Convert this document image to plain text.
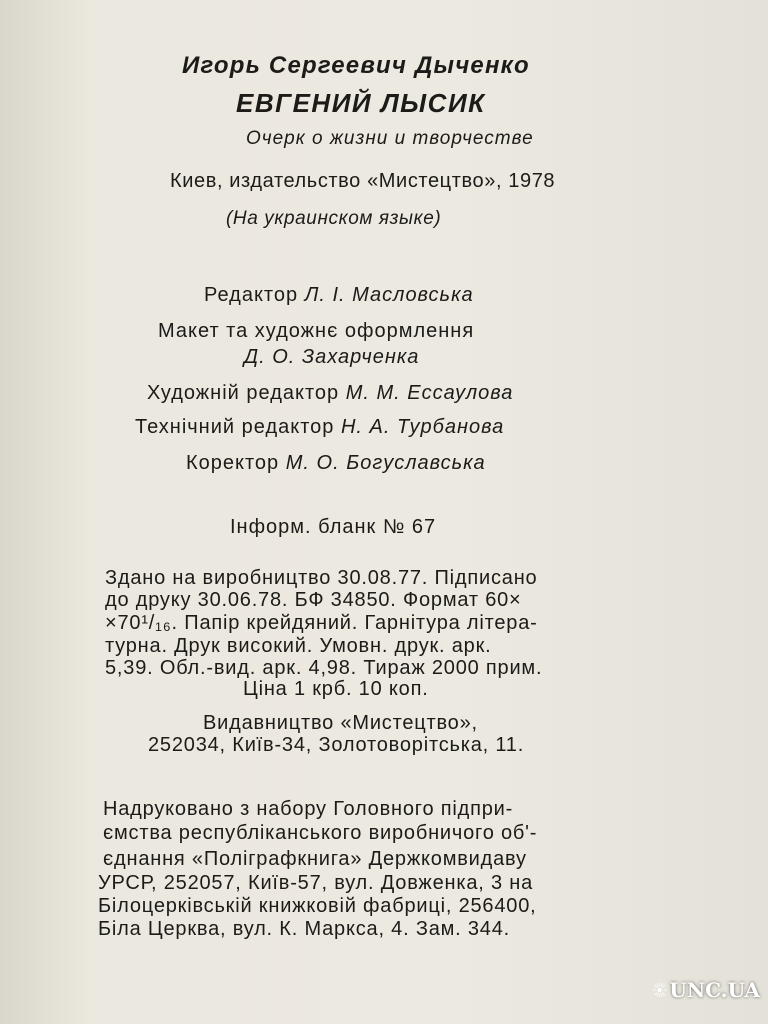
Игорь Сергеевич Дыченко
ЕВГЕНИЙ ЛЫСИК
Очерк о жизни и творчестве
Киев, издательство «Мистецтво», 1978
(На украинском языке)
Редактор Л. І. Масловська
Макет та художнє оформлення
Д. О. Захарченка
Художній редактор М. М. Ессаулова
Технічний редактор Н. А. Турбанова
Коректор М. О. Богуславська
Інформ. бланк № 67
Здано на виробництво 30.08.77. Підписано
до друку 30.06.78. БФ 34850. Формат 60×
×70¹/₁₆. Папір крейдяний. Гарнітура літера-
турна. Друк високий. Умовн. друк. арк.
5,39. Обл.-вид. арк. 4,98. Тираж 2000 прим.
Ціна 1 крб. 10 коп.
Видавництво «Мистецтво»,
252034, Київ-34, Золотоворітська, 11.
Надруковано з набору Головного підпри-
ємства республіканського виробничого об'-
єднання «Поліграфкнига» Держкомвидаву
УРСР, 252057, Київ-57, вул. Довженка, 3 на
Білоцерківській книжковій фабриці, 256400,
Біла Церква, вул. К. Маркса, 4. Зам. 344.
UNC.UA
